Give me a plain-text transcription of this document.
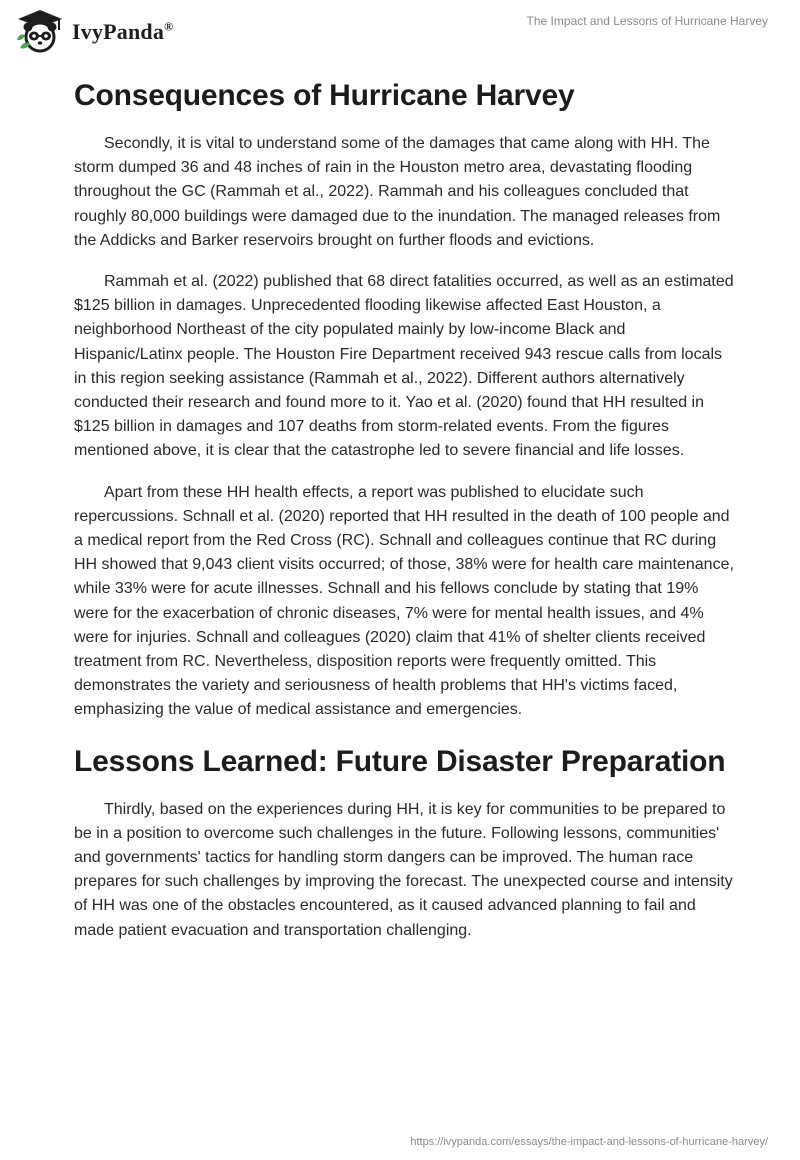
IvyPanda®	The Impact and Lessons of Hurricane Harvey
Consequences of Hurricane Harvey

Secondly, it is vital to understand some of the damages that came along with HH. The storm dumped 36 and 48 inches of rain in the Houston metro area, devastating flooding throughout the GC (Rammah et al., 2022). Rammah and his colleagues concluded that roughly 80,000 buildings were damaged due to the inundation. The managed releases from the Addicks and Barker reservoirs brought on further floods and evictions.

Rammah et al. (2022) published that 68 direct fatalities occurred, as well as an estimated $125 billion in damages. Unprecedented flooding likewise affected East Houston, a neighborhood Northeast of the city populated mainly by low-income Black and Hispanic/Latinx people. The Houston Fire Department received 943 rescue calls from locals in this region seeking assistance (Rammah et al., 2022). Different authors alternatively conducted their research and found more to it. Yao et al. (2020) found that HH resulted in $125 billion in damages and 107 deaths from storm-related events. From the figures mentioned above, it is clear that the catastrophe led to severe financial and life losses.

Apart from these HH health effects, a report was published to elucidate such repercussions. Schnall et al. (2020) reported that HH resulted in the death of 100 people and a medical report from the Red Cross (RC). Schnall and colleagues continue that RC during HH showed that 9,043 client visits occurred; of those, 38% were for health care maintenance, while 33% were for acute illnesses. Schnall and his fellows conclude by stating that 19% were for the exacerbation of chronic diseases, 7% were for mental health issues, and 4% were for injuries. Schnall and colleagues (2020) claim that 41% of shelter clients received treatment from RC. Nevertheless, disposition reports were frequently omitted. This demonstrates the variety and seriousness of health problems that HH's victims faced, emphasizing the value of medical assistance and emergencies.

Lessons Learned: Future Disaster Preparation

Thirdly, based on the experiences during HH, it is key for communities to be prepared to be in a position to overcome such challenges in the future. Following lessons, communities' and governments' tactics for handling storm dangers can be improved. The human race prepares for such challenges by improving the forecast. The unexpected course and intensity of HH was one of the obstacles encountered, as it caused advanced planning to fail and made patient evacuation and transportation challenging.

https://ivypanda.com/essays/the-impact-and-lessons-of-hurricane-harvey/
